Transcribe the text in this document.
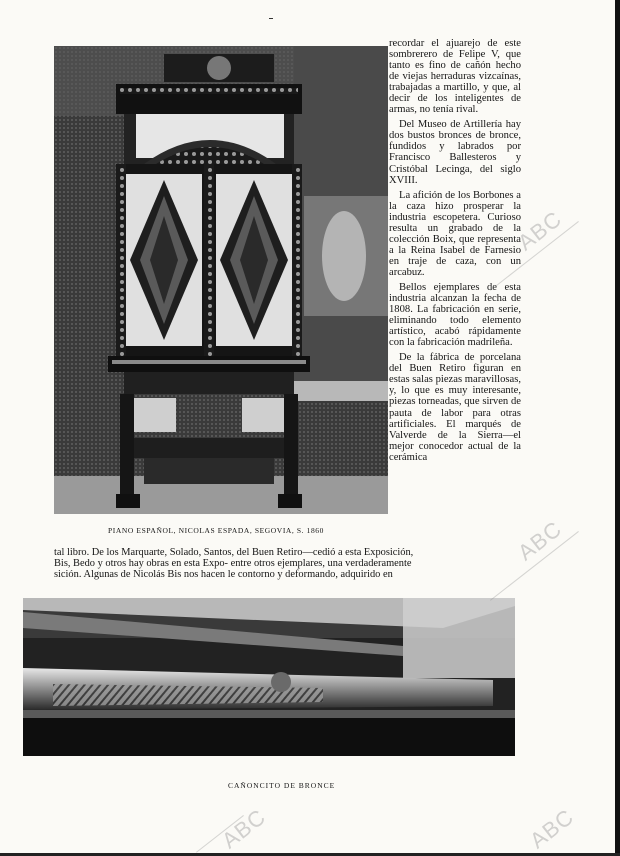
PIANO ESPAÑOL, NICOLAS ESPADA, SEGOVIA, S. 1860

recordar el ajuarejo de este sombrerero de Felipe V, que tanto es fino de cañón hecho de viejas herraduras vizcaínas, trabajadas a martillo, y que, al decir de los inteligentes de armas, no tenía rival.

Del Museo de Artillería hay dos bustos bronces de bronce, fundidos y labrados por Francisco Ballesteros y Cristóbal Lecinga, del siglo XVIII.

La afición de los Borbones a la caza hizo prosperar la industria escopetera. Curioso resulta un grabado de la colección Boix, que representa a la Reina Isabel de Farnesio en traje de caza, con un arcabuz.

Bellos ejemplares de esta industria alcanzan la fecha de 1808. La fabricación en serie, eliminando todo elemento artístico, acabó rápidamente con la fabricación madrileña.

De la fábrica de porcelana del Buen Retiro figuran en estas salas piezas maravillosas, y, lo que es muy interesante, piezas torneadas, que sirven de pauta de labor para otras artificiales. El marqués de Valverde de la Sierra—el mejor conocedor actual de la cerámica

tal libro. De los Marquarte, Solado, Santos, del Buen Retiro—cedió a esta Exposición,
Bis, Bedo y otros hay obras en esta Expo- entre otros ejemplares, una verdaderamente
sición. Algunas de Nicolás Bis nos hacen le contorno y deformando, adquirido en
CAÑONCITO DE BRONCE
ABC
ABC
ABC	ABC
